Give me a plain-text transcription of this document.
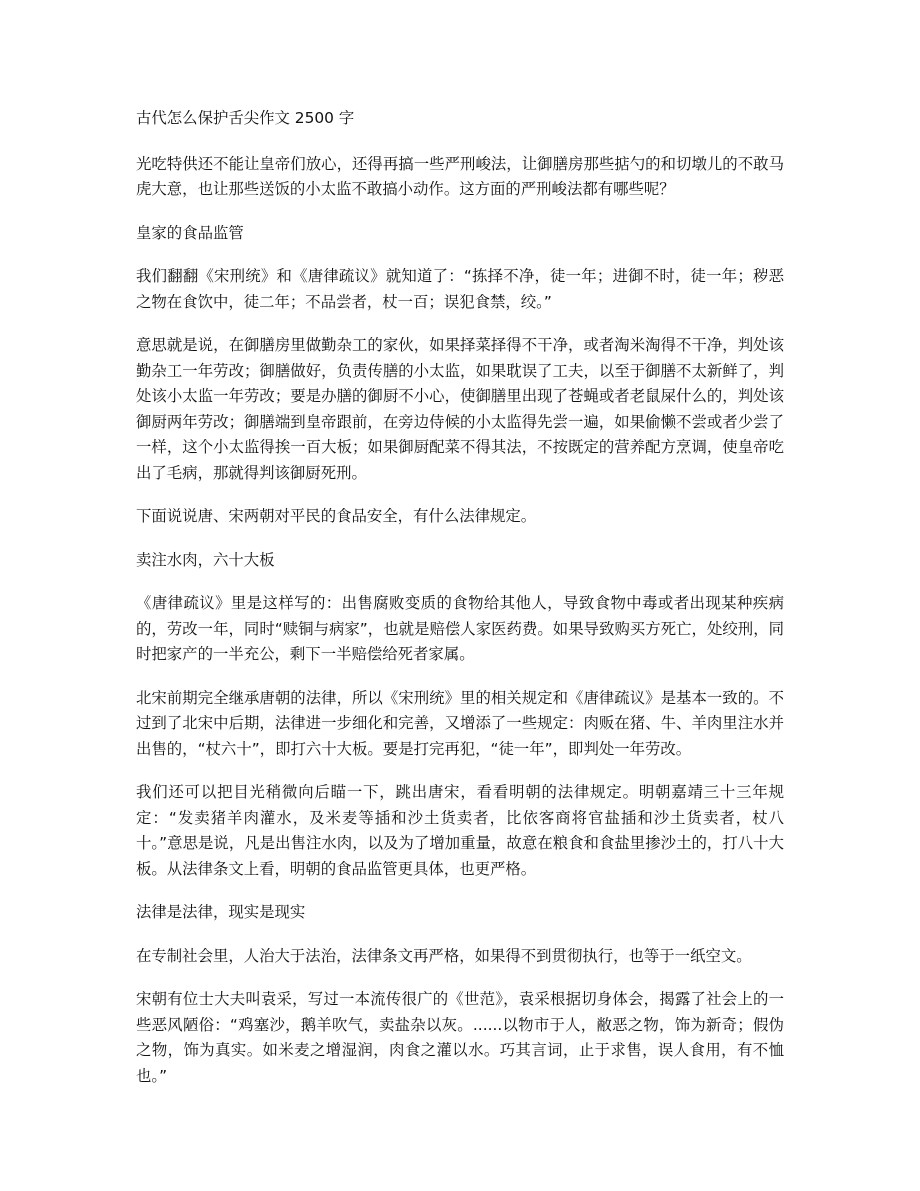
古代怎么保护舌尖作文 2500 字
光吃特供还不能让皇帝们放心，还得再搞一些严刑峻法，让御膳房那些掂勺的和切墩儿的不敢马虎大意，也让那些送饭的小太监不敢搞小动作。这方面的严刑峻法都有哪些呢？
皇家的食品监管
我们翻翻《宋刑统》和《唐律疏议》就知道了：“拣择不净，徒一年；进御不时，徒一年；秽恶之物在食饮中，徒二年；不品尝者，杖一百；误犯食禁，绞。”
意思就是说，在御膳房里做勤杂工的家伙，如果择菜择得不干净，或者淘米淘得不干净，判处该勤杂工一年劳改；御膳做好，负责传膳的小太监，如果耽误了工夫，以至于御膳不太新鲜了，判处该小太监一年劳改；要是办膳的御厨不小心，使御膳里出现了苍蝇或者老鼠屎什么的，判处该御厨两年劳改；御膳端到皇帝跟前，在旁边侍候的小太监得先尝一遍，如果偷懒不尝或者少尝了一样，这个小太监得挨一百大板；如果御厨配菜不得其法，不按既定的营养配方烹调，使皇帝吃出了毛病，那就得判该御厨死刑。
下面说说唐、宋两朝对平民的食品安全，有什么法律规定。
卖注水肉，六十大板
《唐律疏议》里是这样写的：出售腐败变质的食物给其他人，导致食物中毒或者出现某种疾病的，劳改一年，同时“赎铜与病家”，也就是赔偿人家医药费。如果导致购买方死亡，处绞刑，同时把家产的一半充公，剩下一半赔偿给死者家属。
北宋前期完全继承唐朝的法律，所以《宋刑统》里的相关规定和《唐律疏议》是基本一致的。不过到了北宋中后期，法律进一步细化和完善，又增添了一些规定：肉贩在猪、牛、羊肉里注水并出售的，“杖六十”，即打六十大板。要是打完再犯，“徒一年”，即判处一年劳改。
我们还可以把目光稍微向后瞄一下，跳出唐宋，看看明朝的法律规定。明朝嘉靖三十三年规定：“发卖猪羊肉灌水，及米麦等插和沙土货卖者，比依客商将官盐插和沙土货卖者，杖八十。”意思是说，凡是出售注水肉，以及为了增加重量，故意在粮食和食盐里掺沙土的，打八十大板。从法律条文上看，明朝的食品监管更具体，也更严格。
法律是法律，现实是现实
在专制社会里，人治大于法治，法律条文再严格，如果得不到贯彻执行，也等于一纸空文。
宋朝有位士大夫叫袁采，写过一本流传很广的《世范》，袁采根据切身体会，揭露了社会上的一些恶风陋俗：“鸡塞沙，鹅羊吹气，卖盐杂以灰。......以物市于人，敝恶之物，饰为新奇；假伪之物，饰为真实。如米麦之增湿润，肉食之灌以水。巧其言词，止于求售，误人食用，有不恤也。”
